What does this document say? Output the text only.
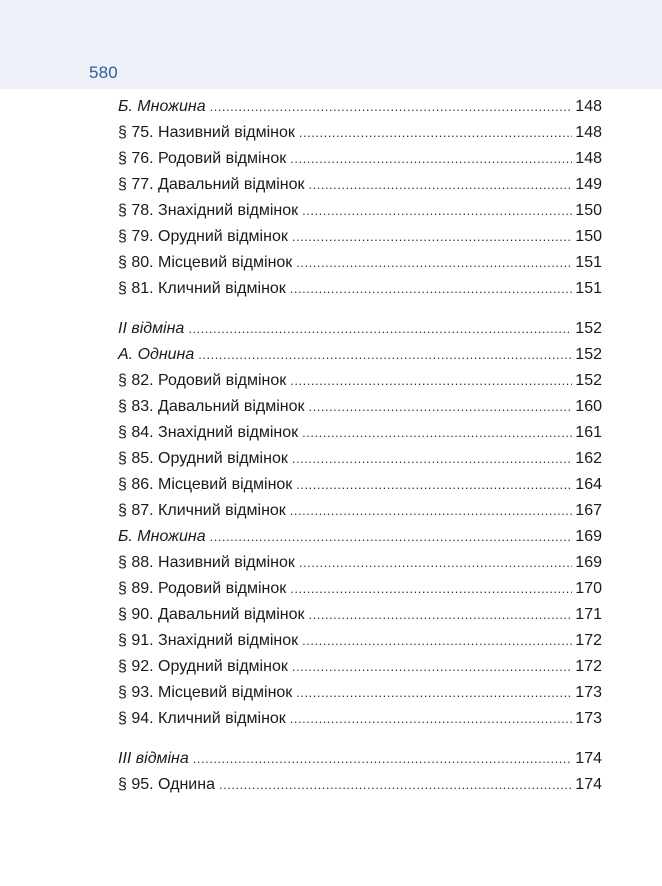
580
Б. Множина .....	148
§ 75. Називний відмінок .....	148
§ 76. Родовий відмінок .....	148
§ 77. Давальний відмінок .....	149
§ 78. Знахідний відмінок .....	150
§ 79. Орудний відмінок .....	150
§ 80. Місцевий відмінок .....	151
§ 81. Кличний відмінок .....	151
ІІ відміна .....	152
А. Однина .....	152
§ 82. Родовий відмінок .....	152
§ 83. Давальний відмінок .....	160
§ 84. Знахідний відмінок .....	161
§ 85. Орудний відмінок .....	162
§ 86. Місцевий відмінок .....	164
§ 87. Кличний відмінок .....	167
Б. Множина .....	169
§ 88. Називний відмінок .....	169
§ 89. Родовий відмінок .....	170
§ 90. Давальний відмінок .....	171
§ 91. Знахідний відмінок .....	172
§ 92. Орудний відмінок .....	172
§ 93. Місцевий відмінок .....	173
§ 94. Кличний відмінок .....	173
ІІІ відміна .....	174
§ 95. Однина .....	174
